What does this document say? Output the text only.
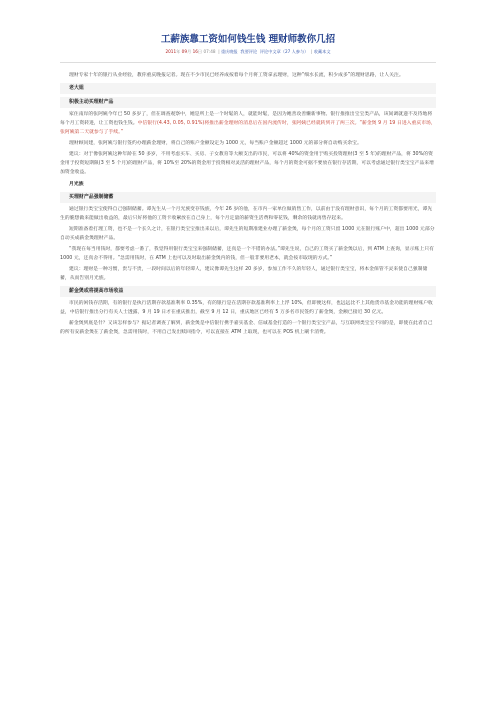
工薪族靠工资如何钱生钱 理财师教你几招
2011年 09月 16日 07:48  | 重庆晚报 我要评论 评论中文章（27 人参与）  | 收藏本文

理财专家十年的银行从业经验，教你重庆晚报记者。现在不少市民已经养成按着每个月将工资拿去理财，这种“细水长流，积少成多”的理财思路，让人关注。

老大姐

积极主动买理财产品

家住南岸的张阿姨今年已 50 多岁了，但在调查观察中，她是所上是一个时髦的人，就能时髦，是因为她善攻善懒新事物。银行推推出宝宝类产品，该间调就递不及待地将每个月工资转进，让工资也钱生钱。中信银行(4.43, 0.05, 0.91%)将推出薪金理财的消息后在国内流传时，张阿姨已经就转到开了两三次。“薪金煲 9 月 19 日进入重庆市场，张阿姨第二天就参与了手续。”

理财顾问建，张阿姨与银行签约办理薪金理财，将自己的账户金额设定为 1000 元，每当账户金额超过 1000 元的部分将自动购买余宝。

建议：对于像张阿姨这种年龄在 50 多岁，不用考虑买车、买房、子女教育等大额支出的市民，可以将 40%的资金用于购买投资理财(3 至 5 年)的理财产品，将 30%的资金用于投资短期限(3 至 5 个月)的理财产品，将 10%至 20%的资金用于投资相对灵活的理财产品，每个月的资金可据不要放在银行存活期，可以考虑通过银行类宝宝产品来增加资金收益。

月光族

买理财产品强制储蓄

通过银行类宝宝使得自己强制储蓄。谭先生从一个月光族变存钱族，今年 26 岁的他，在市内一家单位做销售工作，以前由于没有理财意识，每个月的工资都要用光，谭先生的脆想做来能做出收益的，最后只好将他的工资卡收紧放在自己身上，每个月定量的薪资生活费和零花钱，剩余的钱就再售存起来。

短期准备着打理工资，也不是一个长久之计，在银行类宝宝推出来以后，谭先生的短期准建业办理了薪金煲，每个月的工资只留 1000 元在银行账户中，超出 1000 元部分自动买成薪金煲理财产品。

“我现在每当用钱时，都要考虑一番了，我觉得用银行类宝宝来强制储蓄，还真是一个不错的办法。”谭先生说，自己的工资买了薪金煲以后，到 ATM 上查询，显示账上只有 1000 元，还真舍不得用。“急需用钱时，在 ATM 上也可以及时取出薪金煲内的钱，但一般非要用老本，就会按市取现的方式。”

建议：理财是一种习惯，贵与不贵，一段时间以后的年轻谭人，建议像谭先生这样 20 多岁，参加工作不久的年轻人，通过银行类宝宝，将本金保管不灵来使自己强制储蓄，从而告别月光族。

薪金煲或将提高市场收益

市民的闲钱存活期，有的银行是执行活期存款基准利率 0.35%，有的银行是在活期存款基准利率上上浮 10%，但即便这样，也远远比不上其他货币基金功能的理财账户收益，中信银行推出分行有关人士透露，9 月 19 日才在重庆推出，截至 9 月 12 日，重庆地区已经有 5 万多名市民签约了薪金煲，金额已接近 30 亿元。

薪金煲到底是什？又该怎样参与？据记者调查了解到，薪金煲是中信银行携手嘉实基金、信诚基金打造的一个银行类宝宝产品，与互联网类宝宝不同的是，即使在此者自己的所有安薪金煲在了薪金煲，急需用钱时，不用自己发出赎回指令，可以直接在 ATM 上取现，也可以在 POS 机上刷卡消费。
